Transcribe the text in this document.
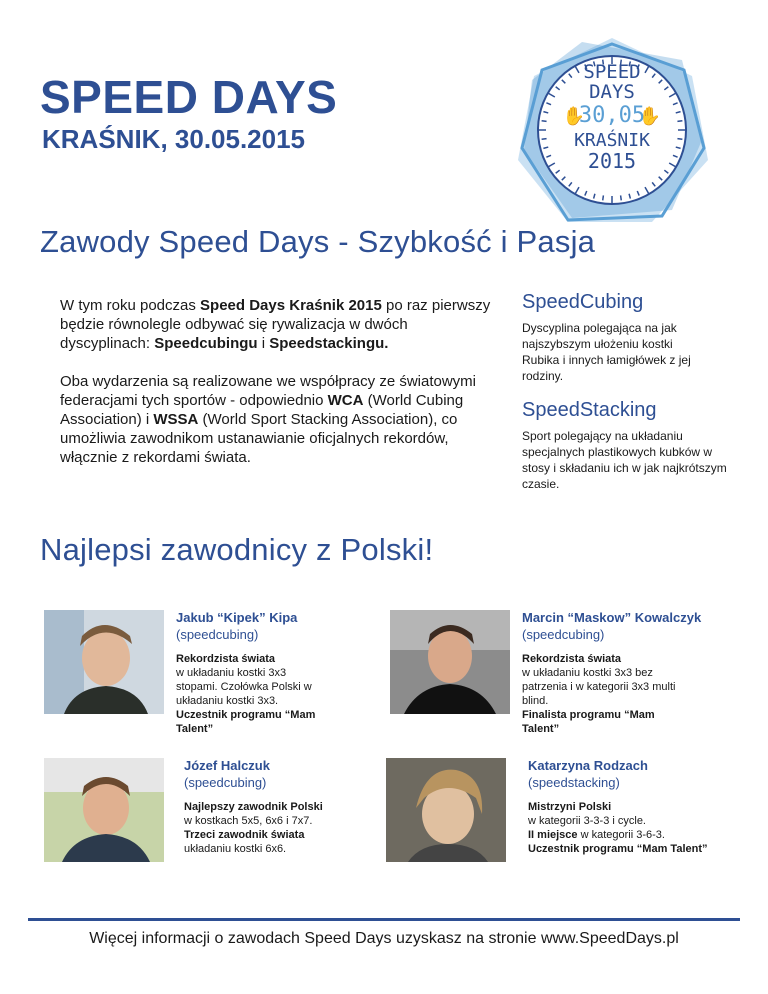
SPEED DAYS
KRAŚNIK, 30.05.2015
SPEED
DAYS
30,05
✋	✋
KRAŚNIK
2015
Zawody Speed Days - Szybkość i Pasja
W tym roku podczas Speed Days Kraśnik 2015 po raz pierwszy będzie równolegle odbywać się rywalizacja w dwóch dyscyplinach: Speedcubingu i Speedstackingu.
Oba wydarzenia są realizowane we współpracy ze światowymi federacjami tych sportów - odpowiednio WCA (World Cubing Association) i WSSA (World Sport Stacking Association), co umożliwia zawodnikom ustanawianie oficjalnych rekordów, włącznie z rekordami świata.
SpeedCubing
Dyscyplina polegająca na jak najszybszym ułożeniu kostki Rubika i innych łamigłówek z jej rodziny.
SpeedStacking
Sport polegający na układaniu specjalnych plastikowych kubków w stosy i składaniu ich w jak najkrótszym czasie.
Najlepsi zawodnicy z Polski!
Jakub “Kipek” Kipa
(speedcubing)
Rekordzista świata
w układaniu kostki 3x3 stopami. Czołówka Polski w układaniu kostki 3x3.
Uczestnik programu “Mam Talent”

Marcin “Maskow” Kowalczyk
(speedcubing)
Rekordzista świata
w układaniu kostki 3x3 bez patrzenia i w kategorii 3x3 multi blind.
Finalista programu “Mam Talent”

Józef Halczuk
(speedcubing)
Najlepszy zawodnik Polski
w kostkach 5x5, 6x6 i 7x7.
Trzeci zawodnik świata
układaniu kostki 6x6.

Katarzyna Rodzach
(speedstacking)
Mistrzyni Polski
w kategorii 3-3-3 i cycle.
II miejsce w kategorii 3-6-3.
Uczestnik programu “Mam Talent”

Więcej informacji o zawodach Speed Days uzyskasz na stronie www.SpeedDays.pl
